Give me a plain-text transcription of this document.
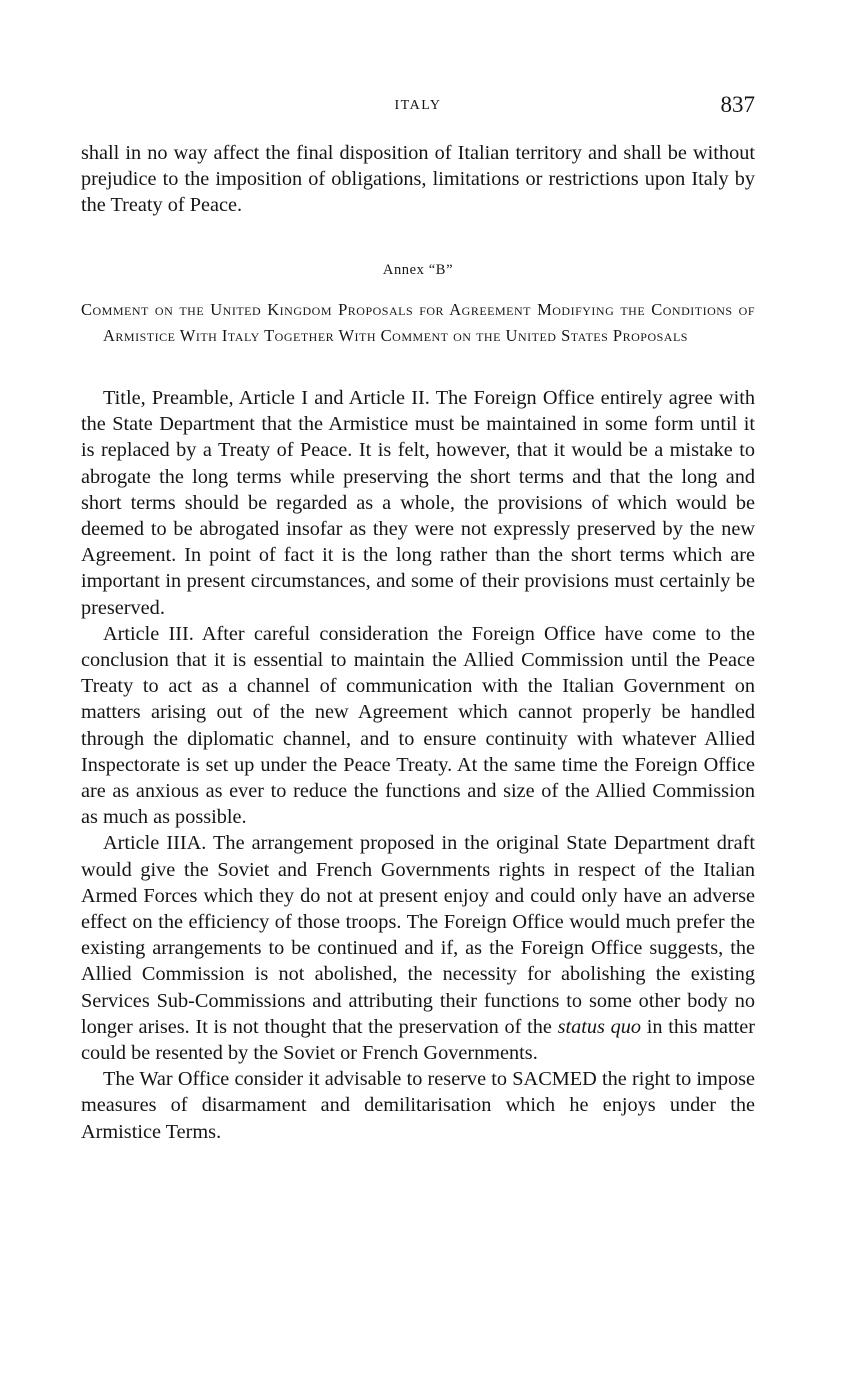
ITALY	837

shall in no way affect the final disposition of Italian territory and shall be without prejudice to the imposition of obligations, limitations or restrictions upon Italy by the Treaty of Peace.

Annex “B”
Comment on the United Kingdom Proposals for Agreement Modifying the Conditions of Armistice With Italy Together With Comment on the United States Proposals

Title, Preamble, Article I and Article II. The Foreign Office entirely agree with the State Department that the Armistice must be maintained in some form until it is replaced by a Treaty of Peace. It is felt, however, that it would be a mistake to abrogate the long terms while preserving the short terms and that the long and short terms should be regarded as a whole, the provisions of which would be deemed to be abrogated insofar as they were not expressly preserved by the new Agreement. In point of fact it is the long rather than the short terms which are important in present circumstances, and some of their provisions must certainly be preserved.

Article III. After careful consideration the Foreign Office have come to the conclusion that it is essential to maintain the Allied Commission until the Peace Treaty to act as a channel of communication with the Italian Government on matters arising out of the new Agreement which cannot properly be handled through the diplomatic channel, and to ensure continuity with whatever Allied Inspectorate is set up under the Peace Treaty. At the same time the Foreign Office are as anxious as ever to reduce the functions and size of the Allied Commission as much as possible.

Article IIIA. The arrangement proposed in the original State Department draft would give the Soviet and French Governments rights in respect of the Italian Armed Forces which they do not at present enjoy and could only have an adverse effect on the efficiency of those troops. The Foreign Office would much prefer the existing arrangements to be continued and if, as the Foreign Office suggests, the Allied Commission is not abolished, the necessity for abolishing the existing Services Sub-Commissions and attributing their functions to some other body no longer arises. It is not thought that the preservation of the status quo in this matter could be resented by the Soviet or French Governments.

The War Office consider it advisable to reserve to SACMED the right to impose measures of disarmament and demilitarisation which he enjoys under the Armistice Terms.
